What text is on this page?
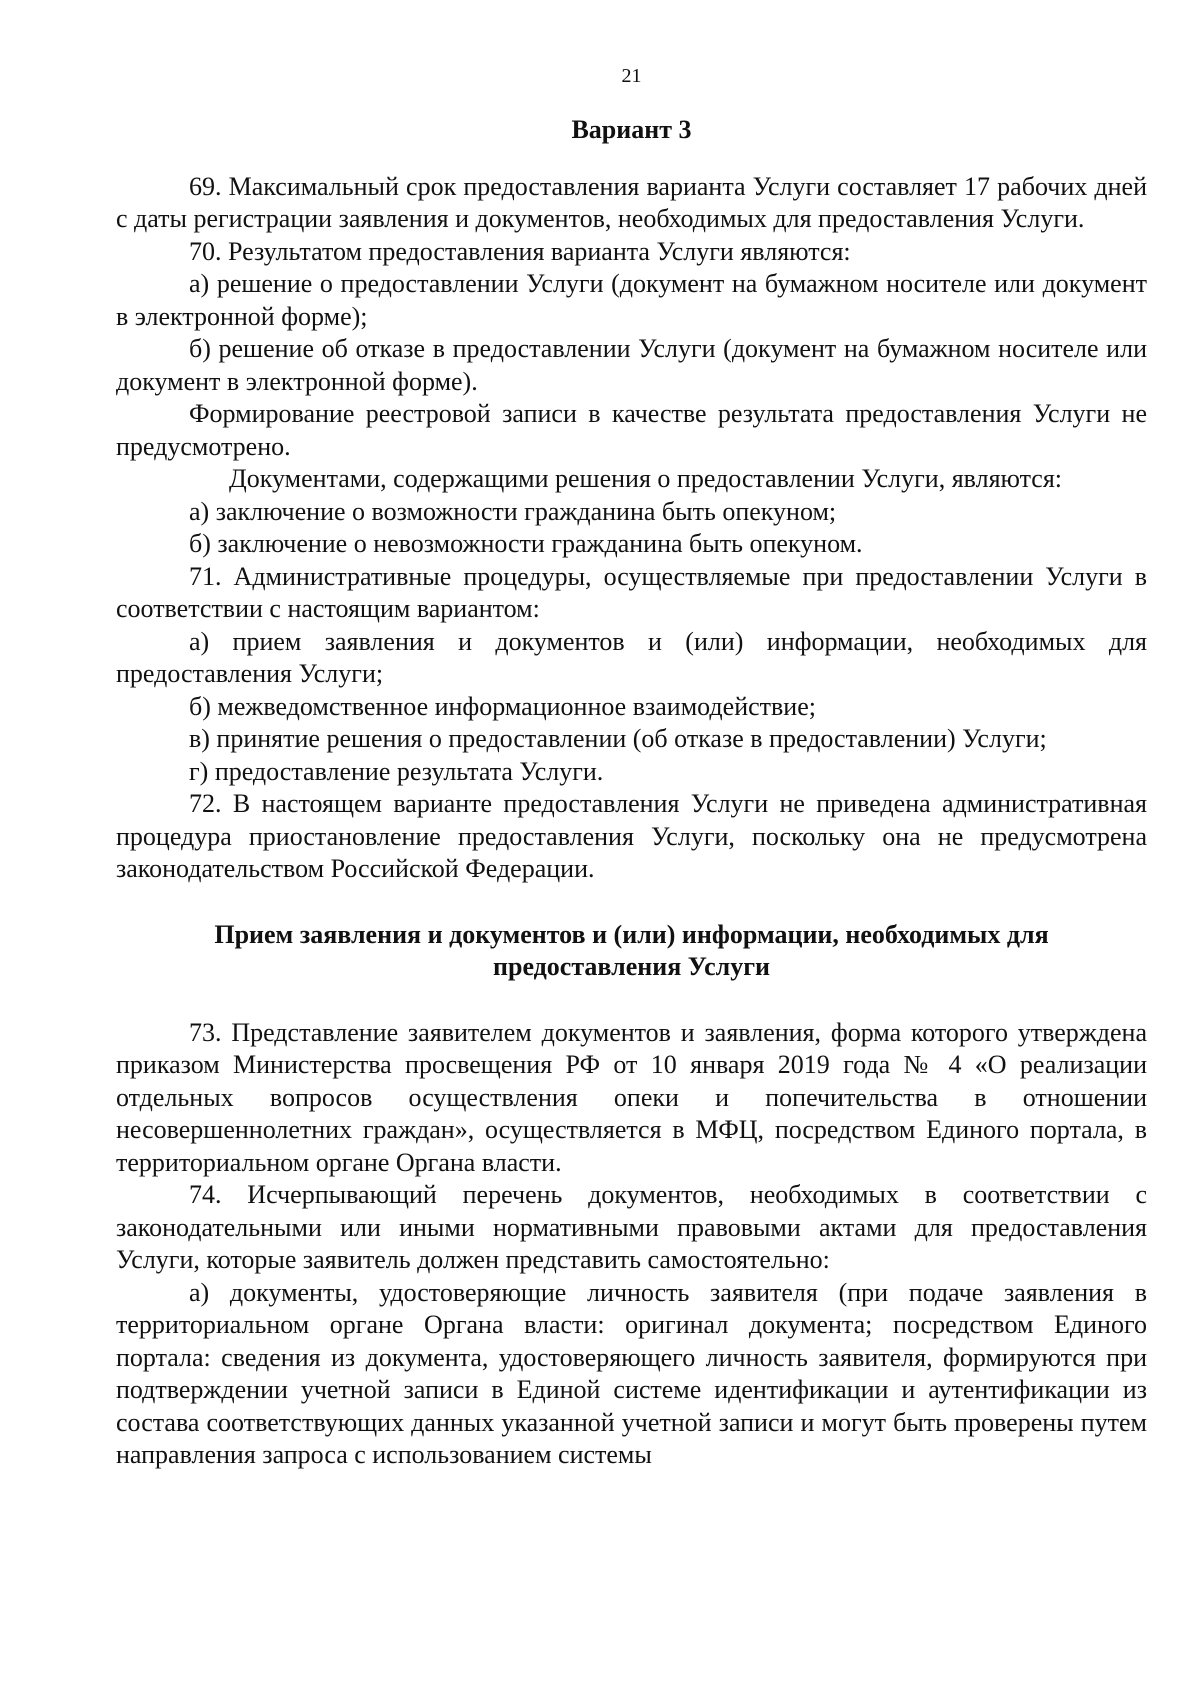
21
Вариант 3

69. Максимальный срок предоставления варианта Услуги составляет 17 рабочих дней с даты регистрации заявления и документов, необходимых для предоставления Услуги.

70. Результатом предоставления варианта Услуги являются:

а) решение о предоставлении Услуги (документ на бумажном носителе или документ в электронной форме);

б) решение об отказе в предоставлении Услуги (документ на бумажном носителе или документ в электронной форме).

Формирование реестровой записи в качестве результата предоставления Услуги не предусмотрено.

Документами, содержащими решения о предоставлении Услуги, являются:

а) заключение о возможности гражданина быть опекуном;

б) заключение о невозможности гражданина быть опекуном.

71. Административные процедуры, осуществляемые при предоставлении Услуги в соответствии с настоящим вариантом:

а) прием заявления и документов и (или) информации, необходимых для предоставления Услуги;

б) межведомственное информационное взаимодействие;

в) принятие решения о предоставлении (об отказе в предоставлении) Услуги;

г) предоставление результата Услуги.

72. В настоящем варианте предоставления Услуги не приведена административная процедура приостановление предоставления Услуги, поскольку она не предусмотрена законодательством Российской Федерации.

Прием заявления и документов и (или) информации, необходимых для
предоставления Услуги

73. Представление заявителем документов и заявления, форма которого утверждена приказом Министерства просвещения РФ от 10 января 2019 года № 4 «О реализации отдельных вопросов осуществления опеки и попечительства в отношении несовершеннолетних граждан», осуществляется в МФЦ, посредством Единого портала, в территориальном органе Органа власти.

74. Исчерпывающий перечень документов, необходимых в соответствии с законодательными или иными нормативными правовыми актами для предоставления Услуги, которые заявитель должен представить самостоятельно:

а) документы, удостоверяющие личность заявителя (при подаче заявления в территориальном органе Органа власти: оригинал документа; посредством Единого портала: сведения из документа, удостоверяющего личность заявителя, формируются при подтверждении учетной записи в Единой системе идентификации и аутентификации из состава соответствующих данных указанной учетной записи и могут быть проверены путем направления запроса с использованием системы
